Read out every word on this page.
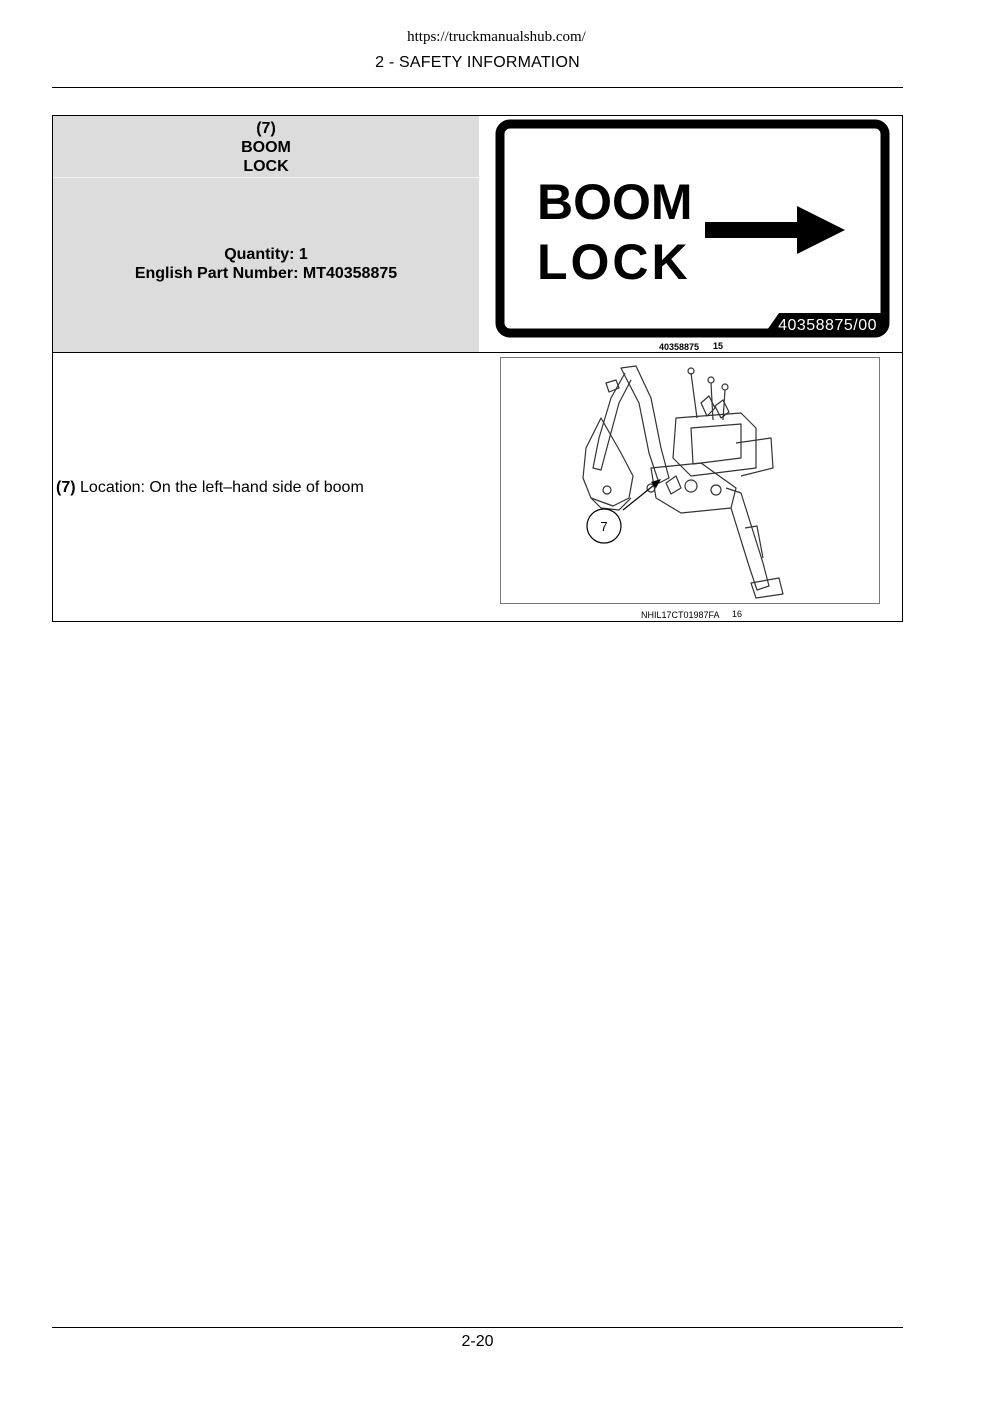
https://truckmanualshub.com/
2 - SAFETY INFORMATION
(7)
BOOM
LOCK
Quantity: 1
English Part Number: MT40358875
BOOM
LOCK
40358875/00
40358875 15
(7) Location: On the left–hand side of boom
7
NHIL17CT01987FA 16
2-20
